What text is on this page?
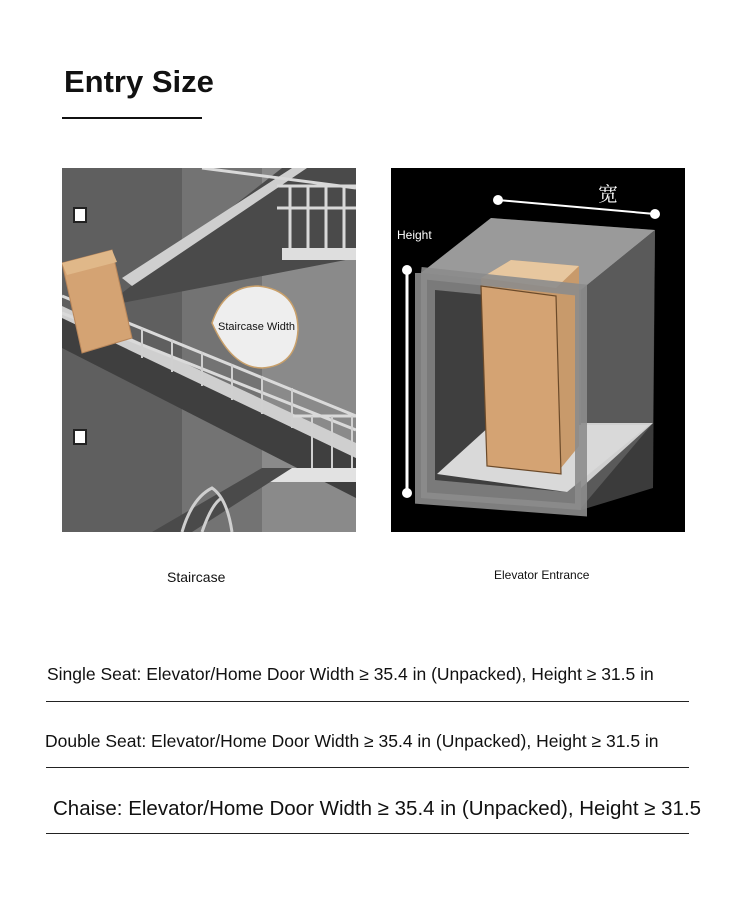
Entry Size
Staircase Width
宽
Height
Staircase	Elevator Entrance
Single Seat: Elevator/Home Door Width ≥ 35.4 in (Unpacked), Height ≥ 31.5 in
Double Seat: Elevator/Home Door Width ≥ 35.4 in (Unpacked), Height ≥ 31.5 in
Chaise: Elevator/Home Door Width ≥ 35.4 in (Unpacked), Height ≥ 31.5
